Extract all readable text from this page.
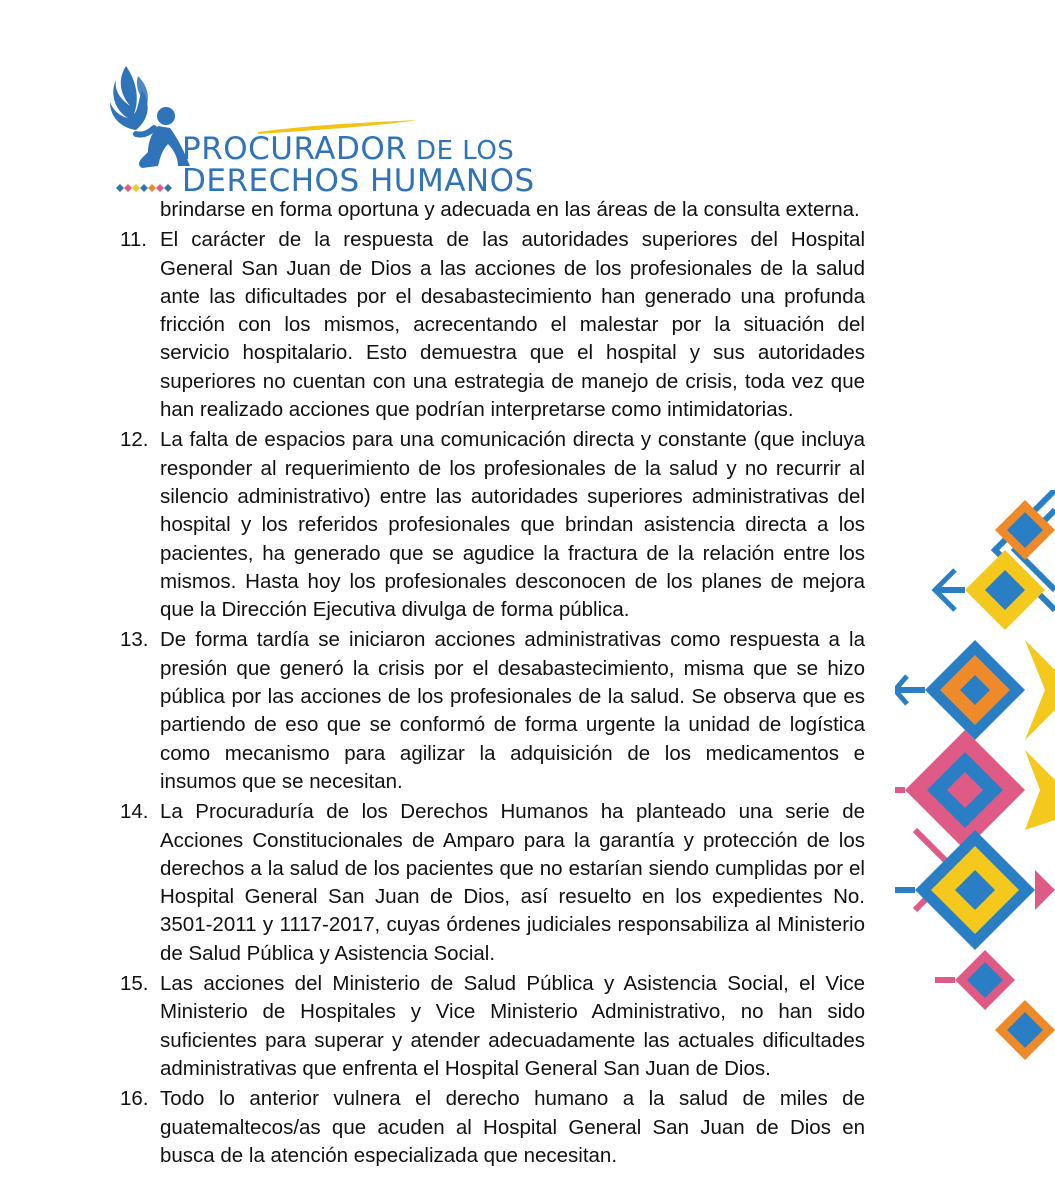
PROCURADOR DE LOS
DERECHOS HUMANOS

brindarse en forma oportuna y adecuada en las áreas de la consulta externa.

11. El carácter de la respuesta de las autoridades superiores del Hospital General San Juan de Dios a las acciones de los profesionales de la salud ante las dificultades por el desabastecimiento han generado una profunda fricción con los mismos, acrecentando el malestar por la situación del servicio hospitalario. Esto demuestra que el hospital y sus autoridades superiores no cuentan con una estrategia de manejo de crisis, toda vez que han realizado acciones que podrían interpretarse como intimidatorias.
12. La falta de espacios para una comunicación directa y constante (que incluya responder al requerimiento de los profesionales de la salud y no recurrir al silencio administrativo) entre las autoridades superiores administrativas del hospital y los referidos profesionales que brindan asistencia directa a los pacientes, ha generado que se agudice la fractura de la relación entre los mismos. Hasta hoy los profesionales desconocen de los planes de mejora que la Dirección Ejecutiva divulga de forma pública.
13. De forma tardía se iniciaron acciones administrativas como respuesta a la presión que generó la crisis por el desabastecimiento, misma que se hizo pública por las acciones de los profesionales de la salud. Se observa que es partiendo de eso que se conformó de forma urgente la unidad de logística como mecanismo para agilizar la adquisición de los medicamentos e insumos que se necesitan.
14. La Procuraduría de los Derechos Humanos ha planteado una serie de Acciones Constitucionales de Amparo para la garantía y protección de los derechos a la salud de los pacientes que no estarían siendo cumplidas por el Hospital General San Juan de Dios, así resuelto en los expedientes No. 3501-2011 y 1117-2017, cuyas órdenes judiciales responsabiliza al Ministerio de Salud Pública y Asistencia Social.
15. Las acciones del Ministerio de Salud Pública y Asistencia Social, el Vice Ministerio de Hospitales y Vice Ministerio Administrativo, no han sido suficientes para superar y atender adecuadamente las actuales dificultades administrativas que enfrenta el Hospital General San Juan de Dios.
16. Todo lo anterior vulnera el derecho humano a la salud de miles de guatemaltecos/as que acuden al Hospital General San Juan de Dios en busca de la atención especializada que necesitan.
